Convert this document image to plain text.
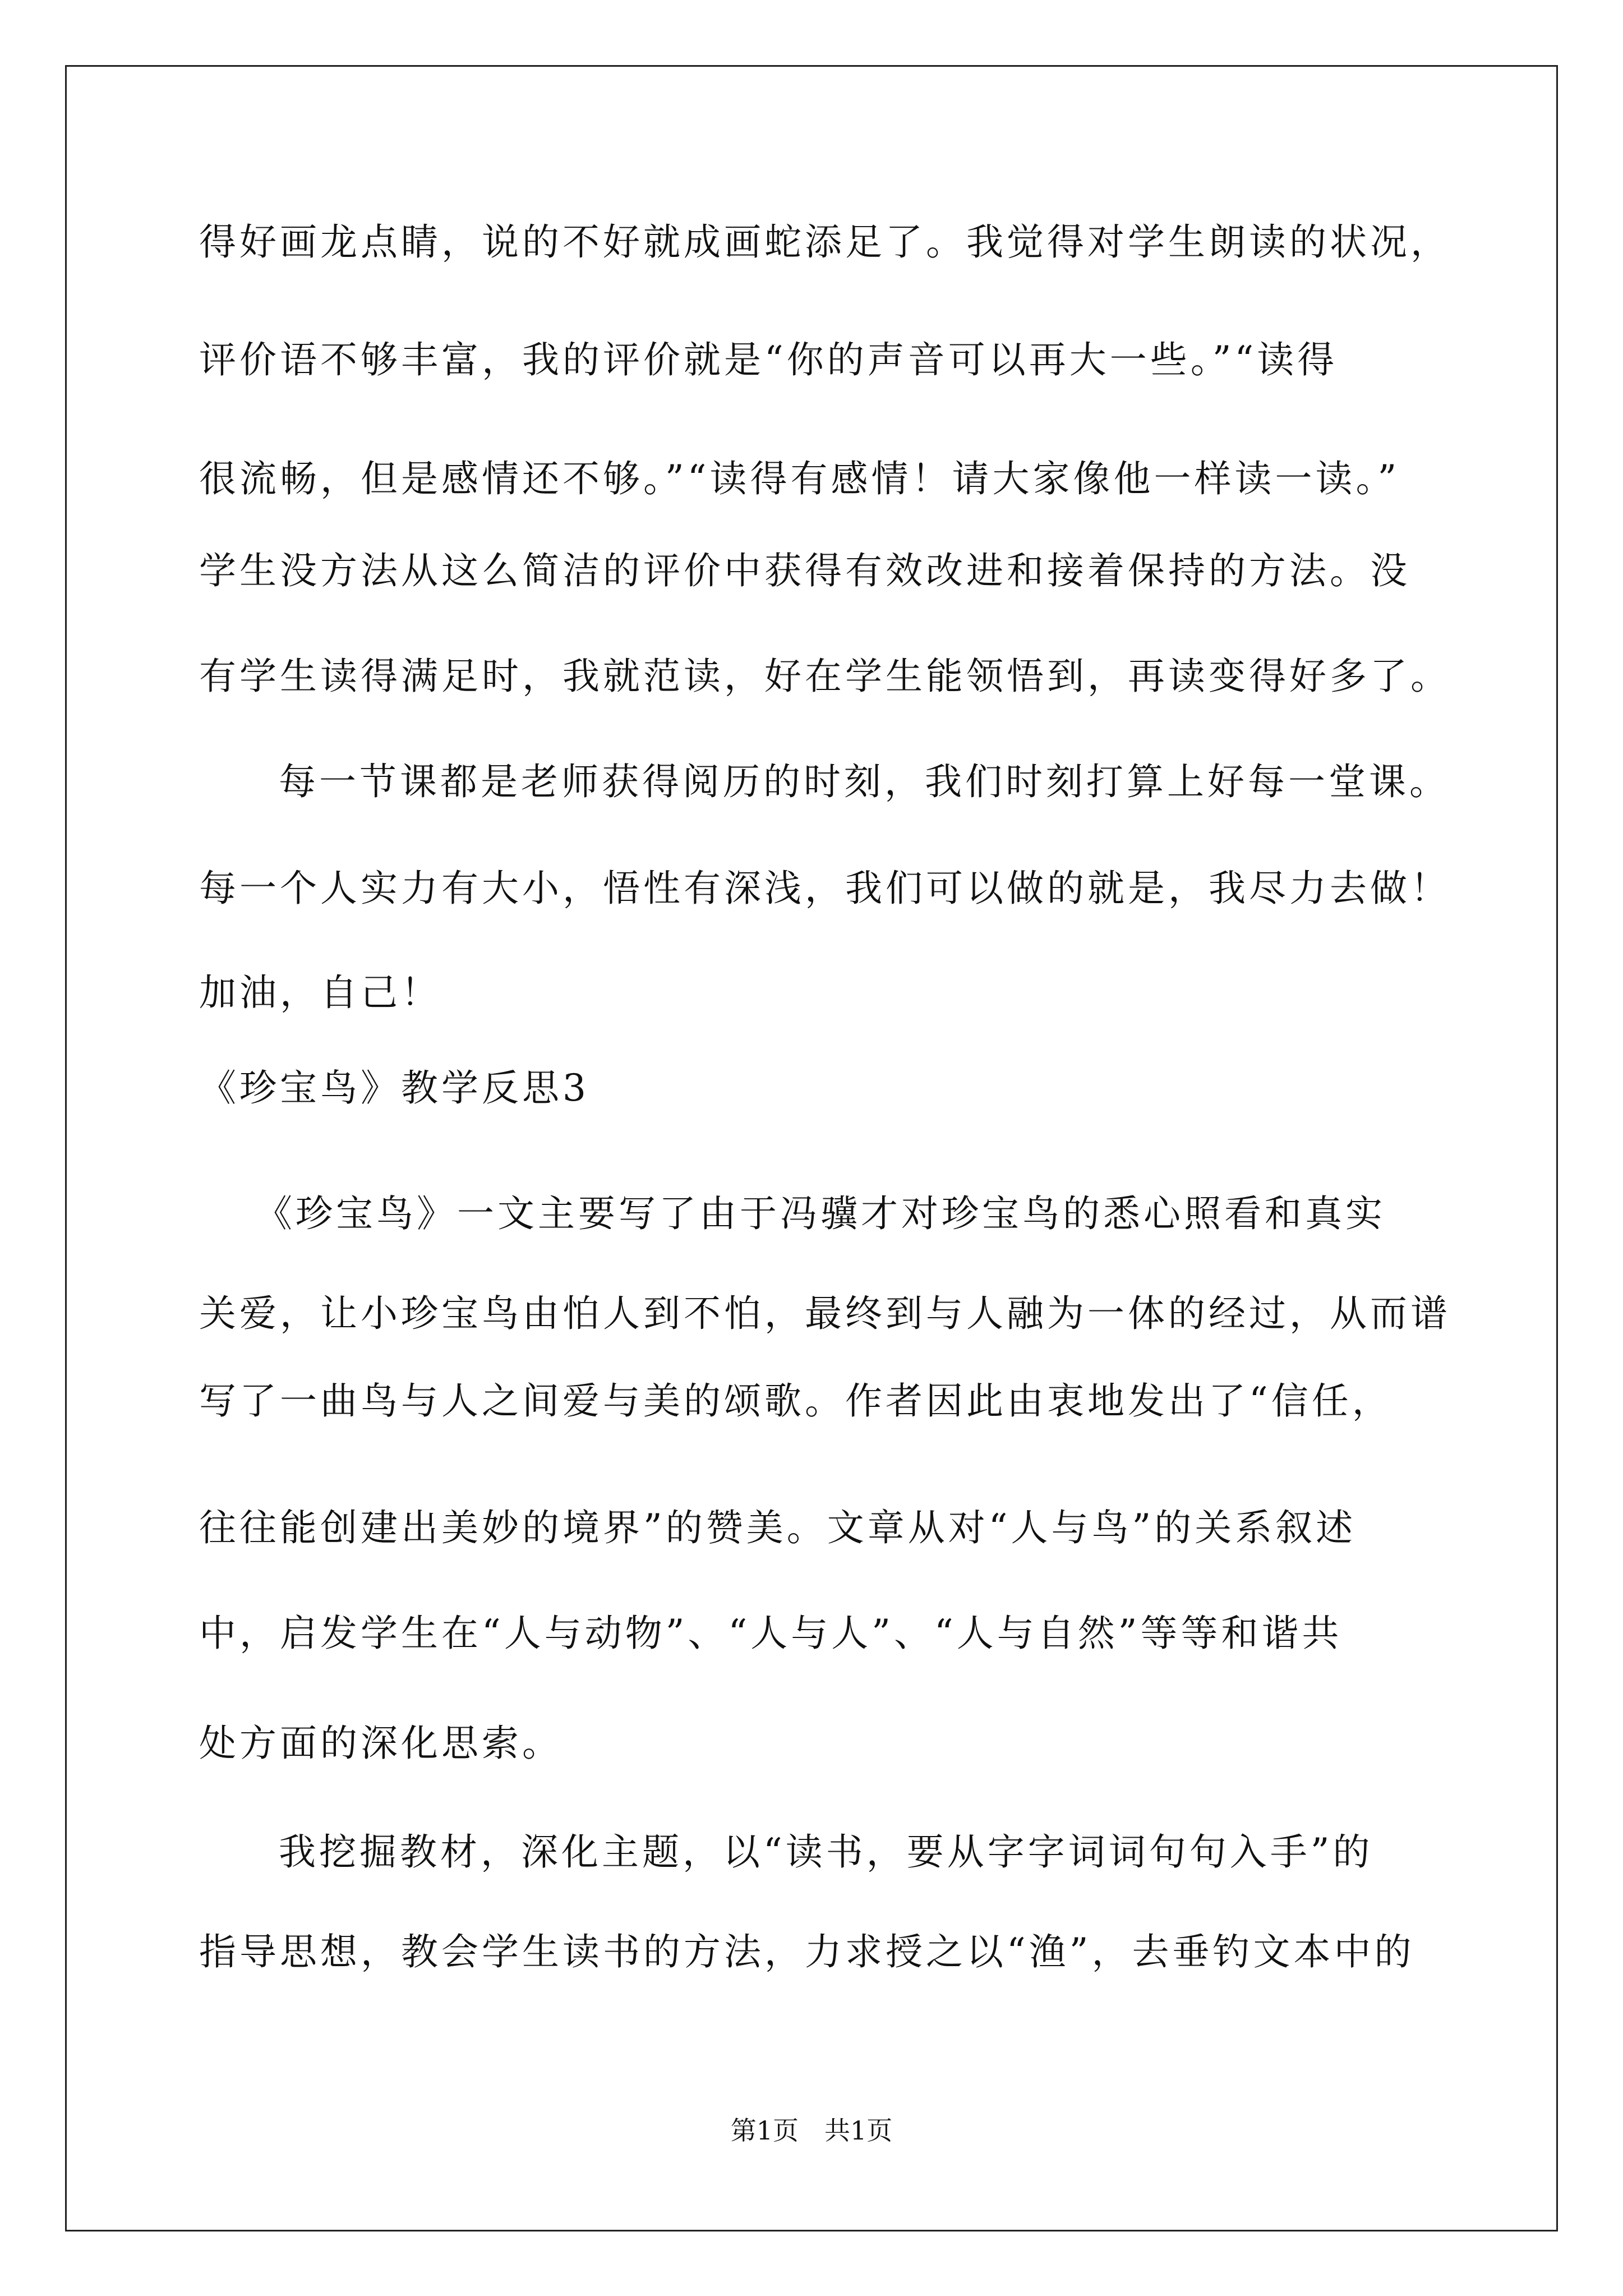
得好画龙点睛，说的不好就成画蛇添足了。我觉得对学生朗读的状况，
评价语不够丰富，我的评价就是“你的声音可以再大一些。”“读得
很流畅，但是感情还不够。”“读得有感情！请大家像他一样读一读。”
学生没方法从这么简洁的评价中获得有效改进和接着保持的方法。没
有学生读得满足时，我就范读，好在学生能领悟到，再读变得好多了。
每一节课都是老师获得阅历的时刻，我们时刻打算上好每一堂课。
每一个人实力有大小，悟性有深浅，我们可以做的就是，我尽力去做！
加油，自己！
《珍宝鸟》教学反思3
《珍宝鸟》一文主要写了由于冯骥才对珍宝鸟的悉心照看和真实
关爱，让小珍宝鸟由怕人到不怕，最终到与人融为一体的经过，从而谱
写了一曲鸟与人之间爱与美的颂歌。作者因此由衷地发出了“信任，
往往能创建出美妙的境界”的赞美。文章从对“人与鸟”的关系叙述
中，启发学生在“人与动物”、“人与人”、“人与自然”等等和谐共
处方面的深化思索。
我挖掘教材，深化主题，以“读书，要从字字词词句句入手”的
指导思想，教会学生读书的方法，力求授之以“渔”，去垂钓文本中的
第1页　共1页
